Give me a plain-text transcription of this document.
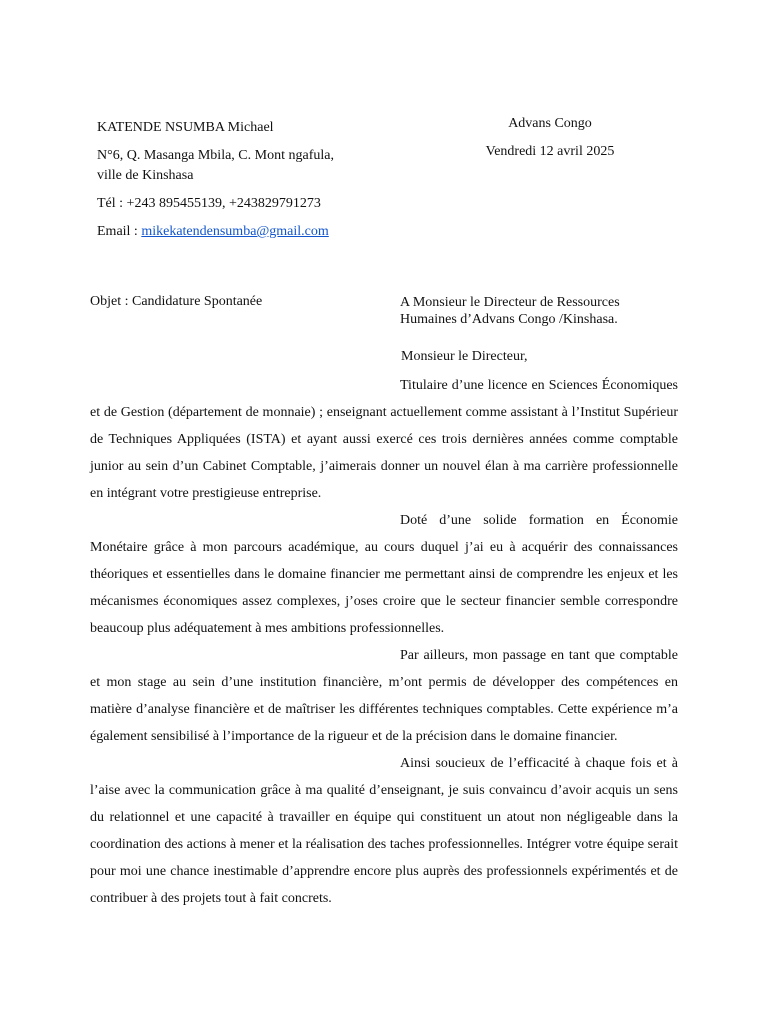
KATENDE NSUMBA Michael
N°6, Q. Masanga Mbila, C. Mont ngafula,
ville de Kinshasa
Tél : +243 895455139, +243829791273
Email : mikekatendensumba@gmail.com
Advans Congo
Vendredi 12 avril 2025
Objet : Candidature Spontanée	A Monsieur le Directeur de Ressources
Humaines d’Advans Congo /Kinshasa.
Monsieur le Directeur,

Titulaire d’une licence en Sciences Économiques et de Gestion (département de monnaie) ; enseignant actuellement comme assistant à l’Institut Supérieur de Techniques Appliquées (ISTA) et ayant aussi exercé ces trois dernières années comme comptable junior au sein d’un Cabinet Comptable, j’aimerais donner un nouvel élan à ma carrière professionnelle en intégrant votre prestigieuse entreprise.

Doté d’une solide formation en Économie Monétaire grâce à mon parcours académique, au cours duquel j’ai eu à acquérir des connaissances théoriques et essentielles dans le domaine financier me permettant ainsi de comprendre les enjeux et les mécanismes économiques assez complexes, j’oses croire que le secteur financier semble correspondre beaucoup plus adéquatement à mes ambitions professionnelles.

Par ailleurs, mon passage en tant que comptable et mon stage au sein d’une institution financière, m’ont permis de développer des compétences en matière d’analyse financière et de maîtriser les différentes techniques comptables. Cette expérience m’a également sensibilisé à l’importance de la rigueur et de la précision dans le domaine financier.

Ainsi soucieux de l’efficacité à chaque fois et à l’aise avec la communication grâce à ma qualité d’enseignant, je suis convaincu d’avoir acquis un sens du relationnel et une capacité à travailler en équipe qui constituent un atout non négligeable dans la coordination des actions à mener et la réalisation des taches professionnelles. Intégrer votre équipe serait pour moi une chance inestimable d’apprendre encore plus auprès des professionnels expérimentés et de contribuer à des projets tout à fait concrets.
